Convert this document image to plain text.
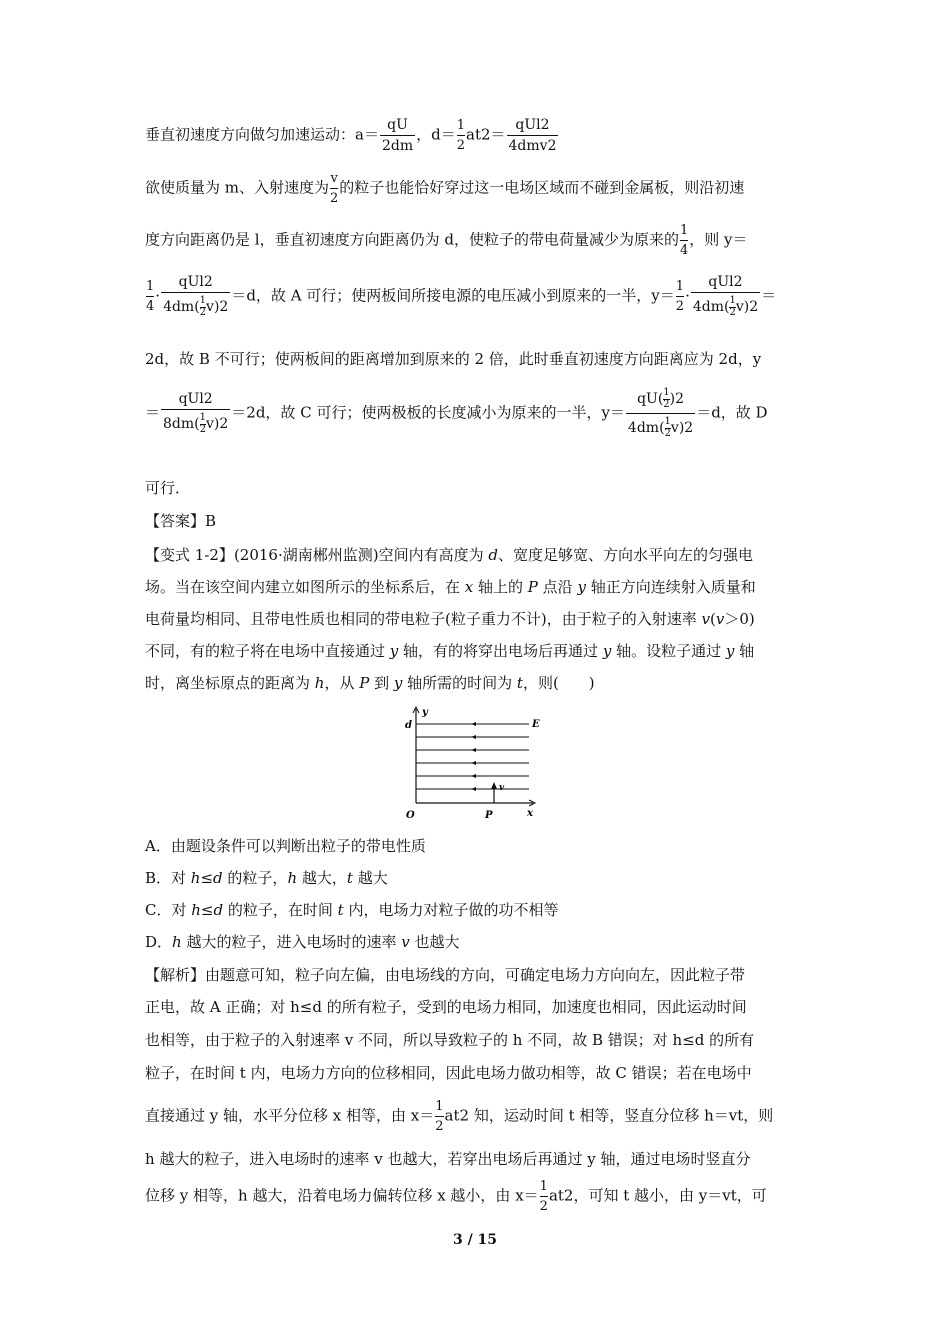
垂直初速度方向做匀加速运动：$a= \frac{qU}{2dm}$ ，$d= \frac{1}{2} at2= \frac{\text{qUl2}}{\text{4dmv2}}$
欲使质量为 m、入射速度为 $\frac{v}{2}$ 的粒子也能恰好穿过这一电场区域而不碰到金属板，则沿初速
度方向距离仍是 l，垂直初速度方向距离仍为 d，使粒子的带电荷量减少为原来的 $\frac{1}{4}$ ，则 y＝
$\frac{1}{4} \cdot \frac{\text{qUl2}}{4dm( \frac{1}{2} v)2} =d$，故 A 可行；使两板间所接电源的电压减小到原来的一半，$y= \frac{1}{2} \cdot \frac{\text{qUl2}}{4dm( \frac{1}{2} v)2}$ ＝
2d，故 B 不可行；使两板间的距离增加到原来的 2 倍，此时垂直初速度方向距离应为 2d，y
＝ $\frac{\text{qUl2}}{8dm( \frac{1}{2} v)2} =2d$，故 C 可行；使两极板的长度减小为原来的一半，$y= \frac{qU( \frac{1}{2} )2}{4dm( \frac{1}{2} v)2} =d$，故 D
可行．
【答案】B
【变式 1-2】(2016·湖南郴州监测)空间内有高度为 d、宽度足够宽、方向水平向左的匀强电
场。当在该空间内建立如图所示的坐标系后，在 x 轴上的 P 点沿 y 轴正方向连续射入质量和
电荷量均相同、且带电性质也相同的带电粒子(粒子重力不计)，由于粒子的入射速率 v(v＞0)
不同，有的粒子将在电场中直接通过 y 轴，有的将穿出电场后再通过 y 轴。设粒子通过 y 轴
时，离坐标原点的距离为 h，从 P 到 y 轴所需的时间为 t，则(　　)
y
d	E
O	P	x
v
A．由题设条件可以判断出粒子的带电性质
B．对 h≤d 的粒子，h 越大，t 越大
C．对 h≤d 的粒子，在时间 t 内，电场力对粒子做的功不相等
D．h 越大的粒子，进入电场时的速率 v 也越大
【解析】由题意可知，粒子向左偏，由电场线的方向，可确定电场力方向向左，因此粒子带
正电，故 A 正确；对 h≤d 的所有粒子，受到的电场力相同，加速度也相同，因此运动时间
也相等，由于粒子的入射速率 v 不同，所以导致粒子的 h 不同，故 B 错误；对 h≤d 的所有
粒子，在时间 t 内，电场力方向的位移相同，因此电场力做功相等，故 C 错误；若在电场中
直接通过 y 轴，水平分位移 x 相等，由 $x= \frac{1}{2} at2$ 知，运动时间 t 相等，竖直分位移 h＝vt，则
h 越大的粒子，进入电场时的速率 v 也越大，若穿出电场后再通过 y 轴，通过电场时竖直分
位移 y 相等，h 越大，沿着电场力偏转位移 x 越小，由 $x= \frac{1}{2} at2$，可知 t 越小，由 y＝vt，可
3 / 15
